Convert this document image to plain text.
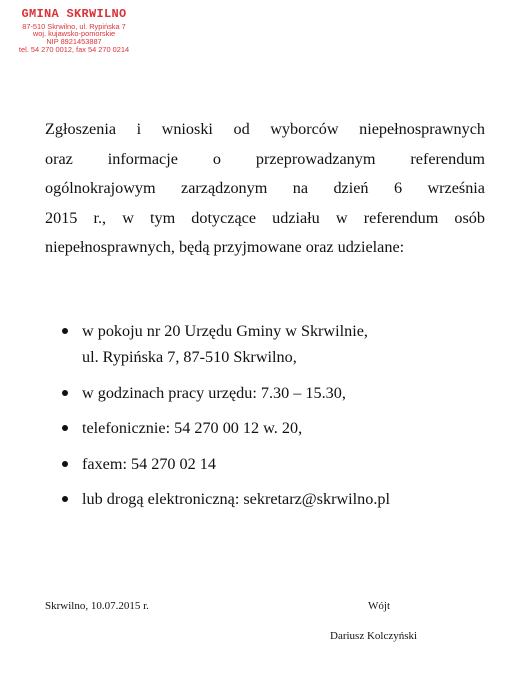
GMINA SKRWILNO
87-510 Skrwilno, ul. Rypińska 7
woj. kujawsko-pomorskie
NIP 8921453887
tel. 54 270 0012, fax 54 270 0214
Zgłoszenia i wnioski od wyborców niepełnosprawnych
oraz informacje o przeprowadzanym referendum
ogólnokrajowym zarządzonym na dzień 6 września
2015 r., w tym dotyczące udziału w referendum osób
niepełnosprawnych, będą przyjmowane oraz udzielane:
w pokoju nr 20 Urzędu Gminy w Skrwilnie,
ul. Rypińska 7, 87-510 Skrwilno,
w godzinach pracy urzędu: 7.30 – 15.30,
telefonicznie: 54 270 00 12 w. 20,
faxem: 54 270 02 14
lub drogą elektroniczną: sekretarz@skrwilno.pl
Skrwilno, 10.07.2015 r.	Wójt
Dariusz Kolczyński
